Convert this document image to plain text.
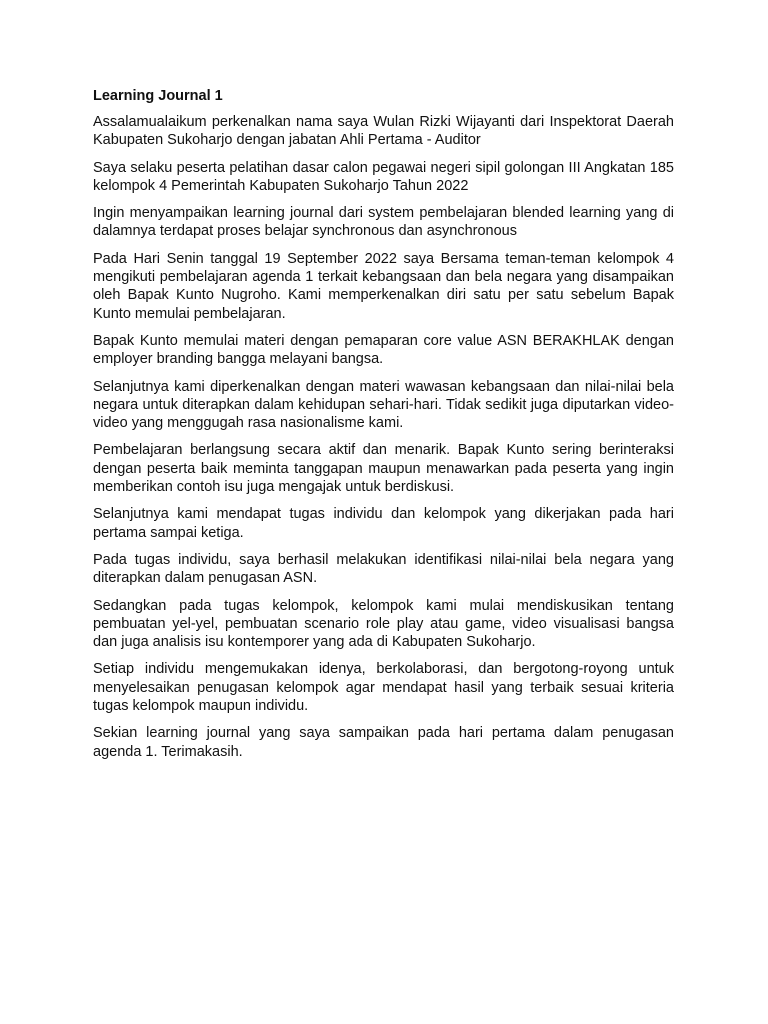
Learning Journal 1

Assalamualaikum perkenalkan nama saya Wulan Rizki Wijayanti dari Inspektorat Daerah Kabupaten Sukoharjo dengan jabatan Ahli Pertama - Auditor

Saya selaku peserta pelatihan dasar calon pegawai negeri sipil golongan III Angkatan 185 kelompok 4 Pemerintah Kabupaten Sukoharjo Tahun 2022

Ingin menyampaikan learning journal dari system pembelajaran blended learning yang di dalamnya terdapat proses belajar synchronous dan asynchronous

Pada Hari Senin tanggal 19 September 2022 saya Bersama teman-teman kelompok 4 mengikuti pembelajaran agenda 1 terkait kebangsaan dan bela negara yang disampaikan oleh Bapak Kunto Nugroho. Kami memperkenalkan diri satu per satu sebelum Bapak Kunto memulai pembelajaran.

Bapak Kunto memulai materi dengan pemaparan core value ASN BERAKHLAK dengan employer branding bangga melayani bangsa.

Selanjutnya kami diperkenalkan dengan materi wawasan kebangsaan dan nilai-nilai bela negara untuk diterapkan dalam kehidupan sehari-hari. Tidak sedikit juga diputarkan video-video yang menggugah rasa nasionalisme kami.

Pembelajaran berlangsung secara aktif dan menarik. Bapak Kunto sering berinteraksi dengan peserta baik meminta tanggapan maupun menawarkan pada peserta yang ingin memberikan contoh isu juga mengajak untuk berdiskusi.

Selanjutnya kami mendapat tugas individu dan kelompok yang dikerjakan pada hari pertama sampai ketiga.

Pada tugas individu, saya berhasil melakukan identifikasi nilai-nilai bela negara yang diterapkan dalam penugasan ASN.

Sedangkan pada tugas kelompok, kelompok kami mulai mendiskusikan tentang pembuatan yel-yel, pembuatan scenario role play atau game, video visualisasi bangsa dan juga analisis isu kontemporer yang ada di Kabupaten Sukoharjo.

Setiap individu mengemukakan idenya, berkolaborasi, dan bergotong-royong untuk menyelesaikan penugasan kelompok agar mendapat hasil yang terbaik sesuai kriteria tugas kelompok maupun individu.

Sekian learning journal yang saya sampaikan pada hari pertama dalam penugasan agenda 1. Terimakasih.
